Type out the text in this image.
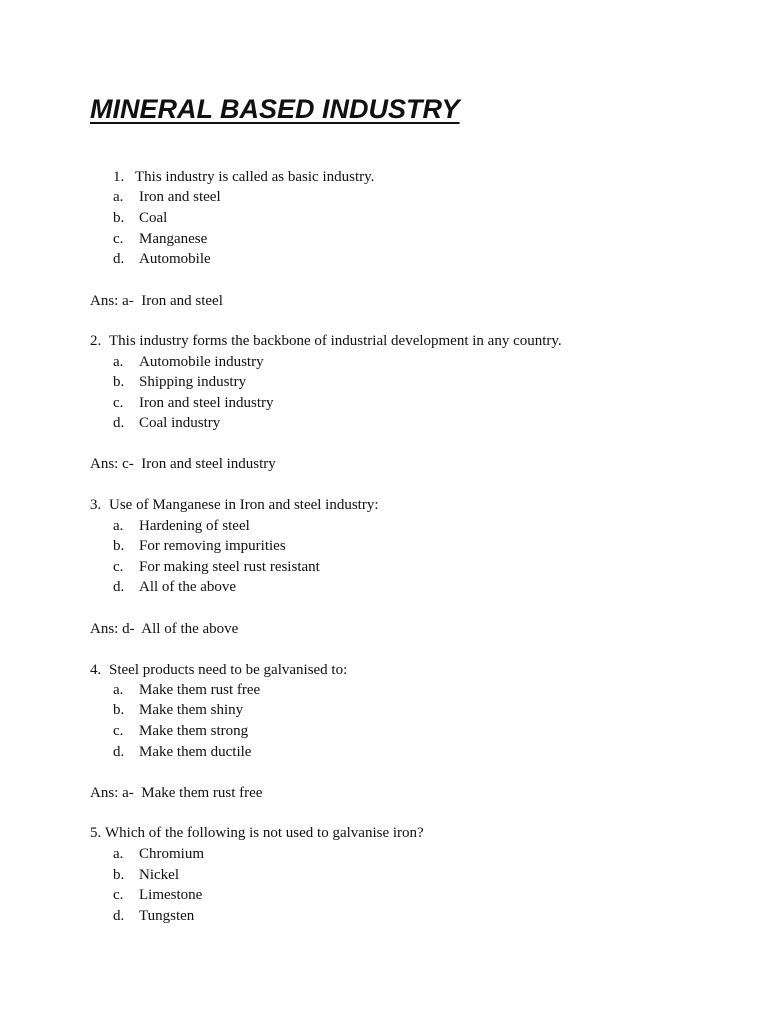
MINERAL BASED INDUSTRY
1. This industry is called as basic industry.
a.	Iron and steel
b. Coal
c.	Manganese
d. Automobile
Ans: a- Iron and steel
2. This industry forms the backbone of industrial development in any country.
a.	Automobile industry
b. Shipping industry
c.	Iron and steel industry
d. Coal industry
Ans: c- Iron and steel industry
3. Use of Manganese in Iron and steel industry:
a.	Hardening of steel
b. For removing impurities
c.	For making steel rust resistant
d. All of the above
Ans: d- All of the above
4. Steel products need to be galvanised to:
a.	Make them rust free
b. Make them shiny
c.	Make them strong
d. Make them ductile
Ans: a- Make them rust free
5. Which of the following is not used to galvanise iron?
a.	Chromium
b. Nickel
c.	Limestone
d. Tungsten
